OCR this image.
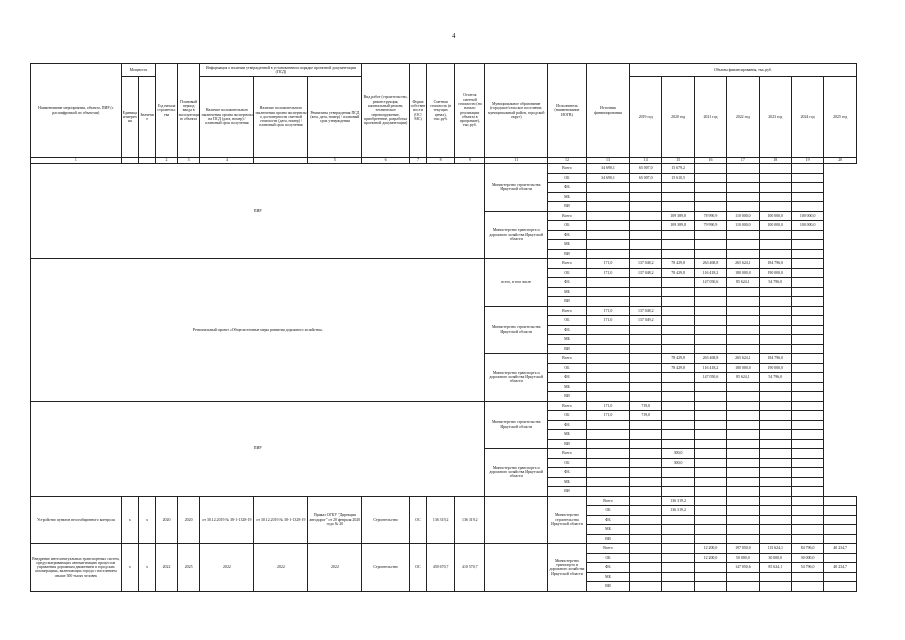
4
Наименование мероприятия, объекта, ПИР (с расшифровкой по объектам)	Мощность		Год начала строительства	Плановый период ввода в эксплуатацию объекта	Информация о наличии утвержденной в установленном порядке проектной документации (ПСД)			Вид работ (строительство, реконструкция, капитальный ремонт, техническое перевооружение, приобретение, разработка проектной документации)	Форма собственности (ОС/МС)	Сметная стоимость (в текущих ценах), тыс.руб.	Остаток сметной стоимости (на начало реализации объекта в программе), тыс.руб.	Муниципальное образование (городское/сельское поселение, муниципальный район, городской округ)	Исполнитель (наименование ИОГВ)	Источник финансирования	Объемы финансирования, тыс.руб.						
	Единица измерения	Значение			Наличие положительного заключения органа экспертизы на ПСД (дата, номер) / плановый срок получения	Наличие положительного заключения органа экспертизы о достоверности сметной стоимости (дата, номер) / плановый срок получения	Реквизиты утверждения ПСД (кем, дата, номер) / плановый срок утверждения								2019 год	2020 год	2021 год	2022 год	2023 год	2024 год	2025 год
1			2	3	4		5	6	7	8	9	11	12	13	14	15	16	17	18	19	20
ПИР												Министерство строительства Иркутской области	Всего	34 690,1	65 007,0	15 679,2					
													ОБ	34 690,1	65 007,0	15 610,5					
													ФБ								
													МБ								
													ВИ								
												Министерство транспорта и дорожного хозяйства Иркутской области	Всего			109 389,8	78 990,9	110 000,0	100 000,0	100 000,0	
													ОБ			109 389,8	79 990,9	110 000,0	100 000,0	100 000,0	
													ФБ								
													МБ								
													ВИ								
Региональный проект «Общесистемные меры развития дорожного хозяйства»												всего, в том числе	Всего	171,0	137 048,2	78 429,8	263 468,8	265 624,1	184 796,0		
													ОБ	171,0	137 048,2	78 429,8	116 418,2	180 000,0	190 000,0		
													ФБ				147 050,6	85 624,1	54 796,0		
													МБ								
													ВИ								
												Министерство строительства Иркутской области	Всего	171,0	137 048,2						
													ОБ	171,0	137 049,2						
													ФБ								
													МБ								
													ВИ								
												Министерство транспорта и дорожного хозяйства Иркутской области	Всего			78 429,8	263 468,8	265 624,1	184 796,0		
													ОБ			78 429,8	116 418,2	180 000,0	190 000,0		
													ФБ				147 050,6	85 624,1	54 796,0		
													МБ								
													ВИ								
ПИР												Министерство строительства Иркутской области	Всего	171,0	719,0						
													ОБ	171,0	719,0						
													ФБ								
													МБ								
													ВИ								
												Министерство транспорта и дорожного хозяйства Иркутской области	Всего			300,0					
													ОБ			300,0					
													ФБ								
													МБ								
													ВИ								
Устройство пунктов весогабаритного контроля	x	x	2020	2020	от 30.12.2019 № 38-1-1328-19	от 30.12.2019 № 38-1-1328-19	Приказ ОГКУ "Дирекция автодорог" от 20 февраля 2020 года № 20	Строительство	ОС	136 319,2	136 319,2		Министерство строительства Иркутской области	Всего		136 319,2					
														ОБ		136 319,2					
														ФБ							
														МБ							
														ВИ							
Внедрение интеллектуальных транспортных систем, предусматривающих автоматизацию процессов управления дорожным движением в городских агломерациях, включающих города с населением свыше 300 тысяч человек	x	x	2022	2025	2022	2022	2022	Строительство	ОС	450 670,7	410 570,7		Министерство транспорта и дорожного хозяйства Иркутской области	Всего			12 200,0	197 050,0	115 624,1	84 796,0	40 234,7
														ОБ			12 200,0	50 000,0	30 000,0	30 000,0	
														ФБ				147 050,6	85 624,1	54 796,0	40 234,7
														МБ							
														ВИ							
